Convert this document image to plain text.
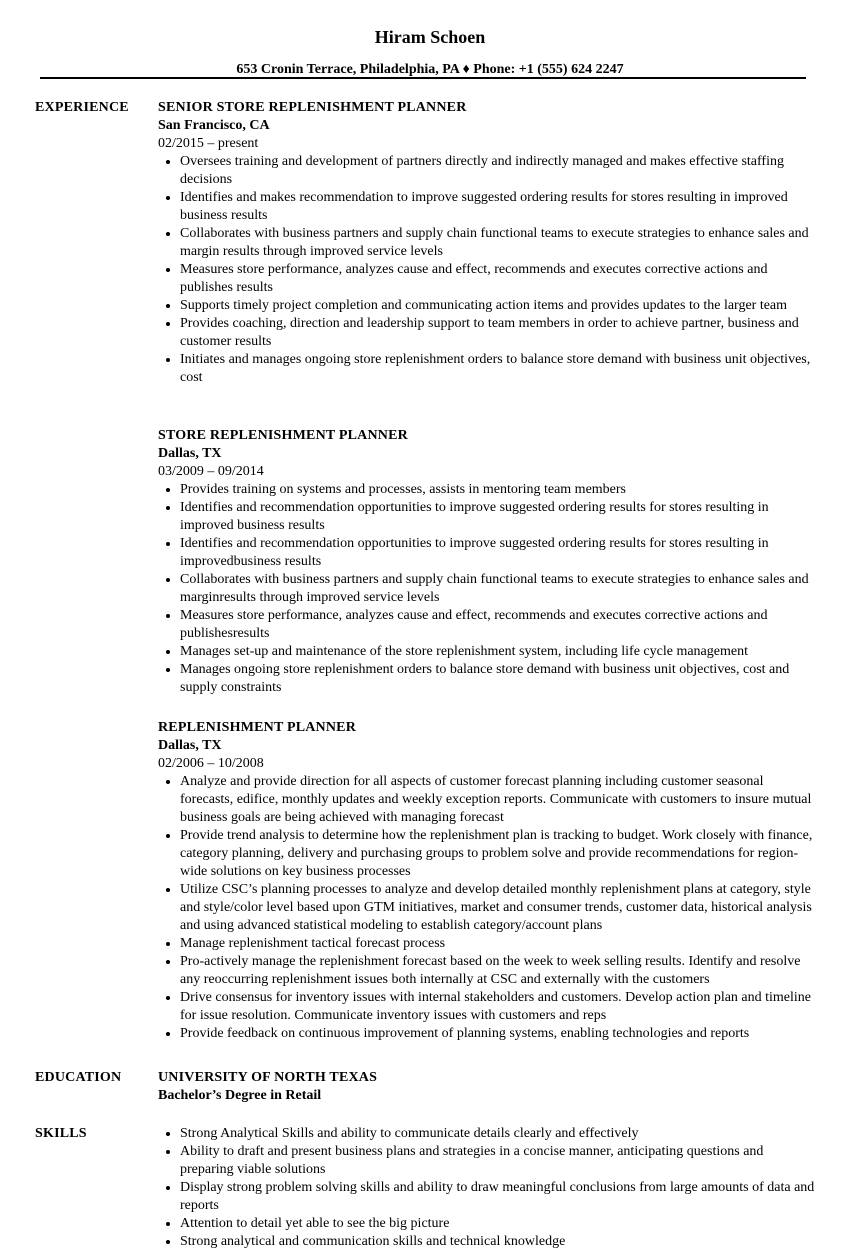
Hiram Schoen
653 Cronin Terrace, Philadelphia, PA ♦ Phone: +1 (555) 624 2247
EXPERIENCE SENIOR STORE REPLENISHMENT PLANNER
San Francisco, CA
02/2015 – present
• Oversees training and development of partners directly and indirectly managed and makes effective staffing decisions
• Identifies and makes recommendation to improve suggested ordering results for stores resulting in improved business results
• Collaborates with business partners and supply chain functional teams to execute strategies to enhance sales and margin results through improved service levels
• Measures store performance, analyzes cause and effect, recommends and executes corrective actions and publishes results
• Supports timely project completion and communicating action items and provides updates to the larger team
• Provides coaching, direction and leadership support to team members in order to achieve partner, business and customer results
• Initiates and manages ongoing store replenishment orders to balance store demand with business unit objectives, cost
STORE REPLENISHMENT PLANNER
Dallas, TX
03/2009 – 09/2014
• Provides training on systems and processes, assists in mentoring team members
• Identifies and recommendation opportunities to improve suggested ordering results for stores resulting in improved business results
• Identifies and recommendation opportunities to improve suggested ordering results for stores resulting in improvedbusiness results
• Collaborates with business partners and supply chain functional teams to execute strategies to enhance sales and marginresults through improved service levels
• Measures store performance, analyzes cause and effect, recommends and executes corrective actions and publishesresults
• Manages set-up and maintenance of the store replenishment system, including life cycle management
• Manages ongoing store replenishment orders to balance store demand with business unit objectives, cost and supply constraints
REPLENISHMENT PLANNER
Dallas, TX
02/2006 – 10/2008
• Analyze and provide direction for all aspects of customer forecast planning including customer seasonal forecasts, edifice, monthly updates and weekly exception reports. Communicate with customers to insure mutual business goals are being achieved with managing forecast
• Provide trend analysis to determine how the replenishment plan is tracking to budget. Work closely with finance, category planning, delivery and purchasing groups to problem solve and provide recommendations for region-wide solutions on key business processes
• Utilize CSC’s planning processes to analyze and develop detailed monthly replenishment plans at category, style and style/color level based upon GTM initiatives, market and consumer trends, customer data, historical analysis and using advanced statistical modeling to establish category/account plans
• Manage replenishment tactical forecast process
• Pro-actively manage the replenishment forecast based on the week to week selling results. Identify and resolve any reoccurring replenishment issues both internally at CSC and externally with the customers
• Drive consensus for inventory issues with internal stakeholders and customers. Develop action plan and timeline for issue resolution. Communicate inventory issues with customers and reps
• Provide feedback on continuous improvement of planning systems, enabling technologies and reports
EDUCATION	UNIVERSITY OF NORTH TEXAS
Bachelor’s Degree in Retail
SKILLS
•	Strong Analytical Skills and ability to communicate details clearly and effectively
• Ability to draft and present business plans and strategies in a concise manner, anticipating questions and preparing viable solutions
• Display strong problem solving skills and ability to draw meaningful conclusions from large amounts of data and reports
• Attention to detail yet able to see the big picture
• Strong analytical and communication skills and technical knowledge
